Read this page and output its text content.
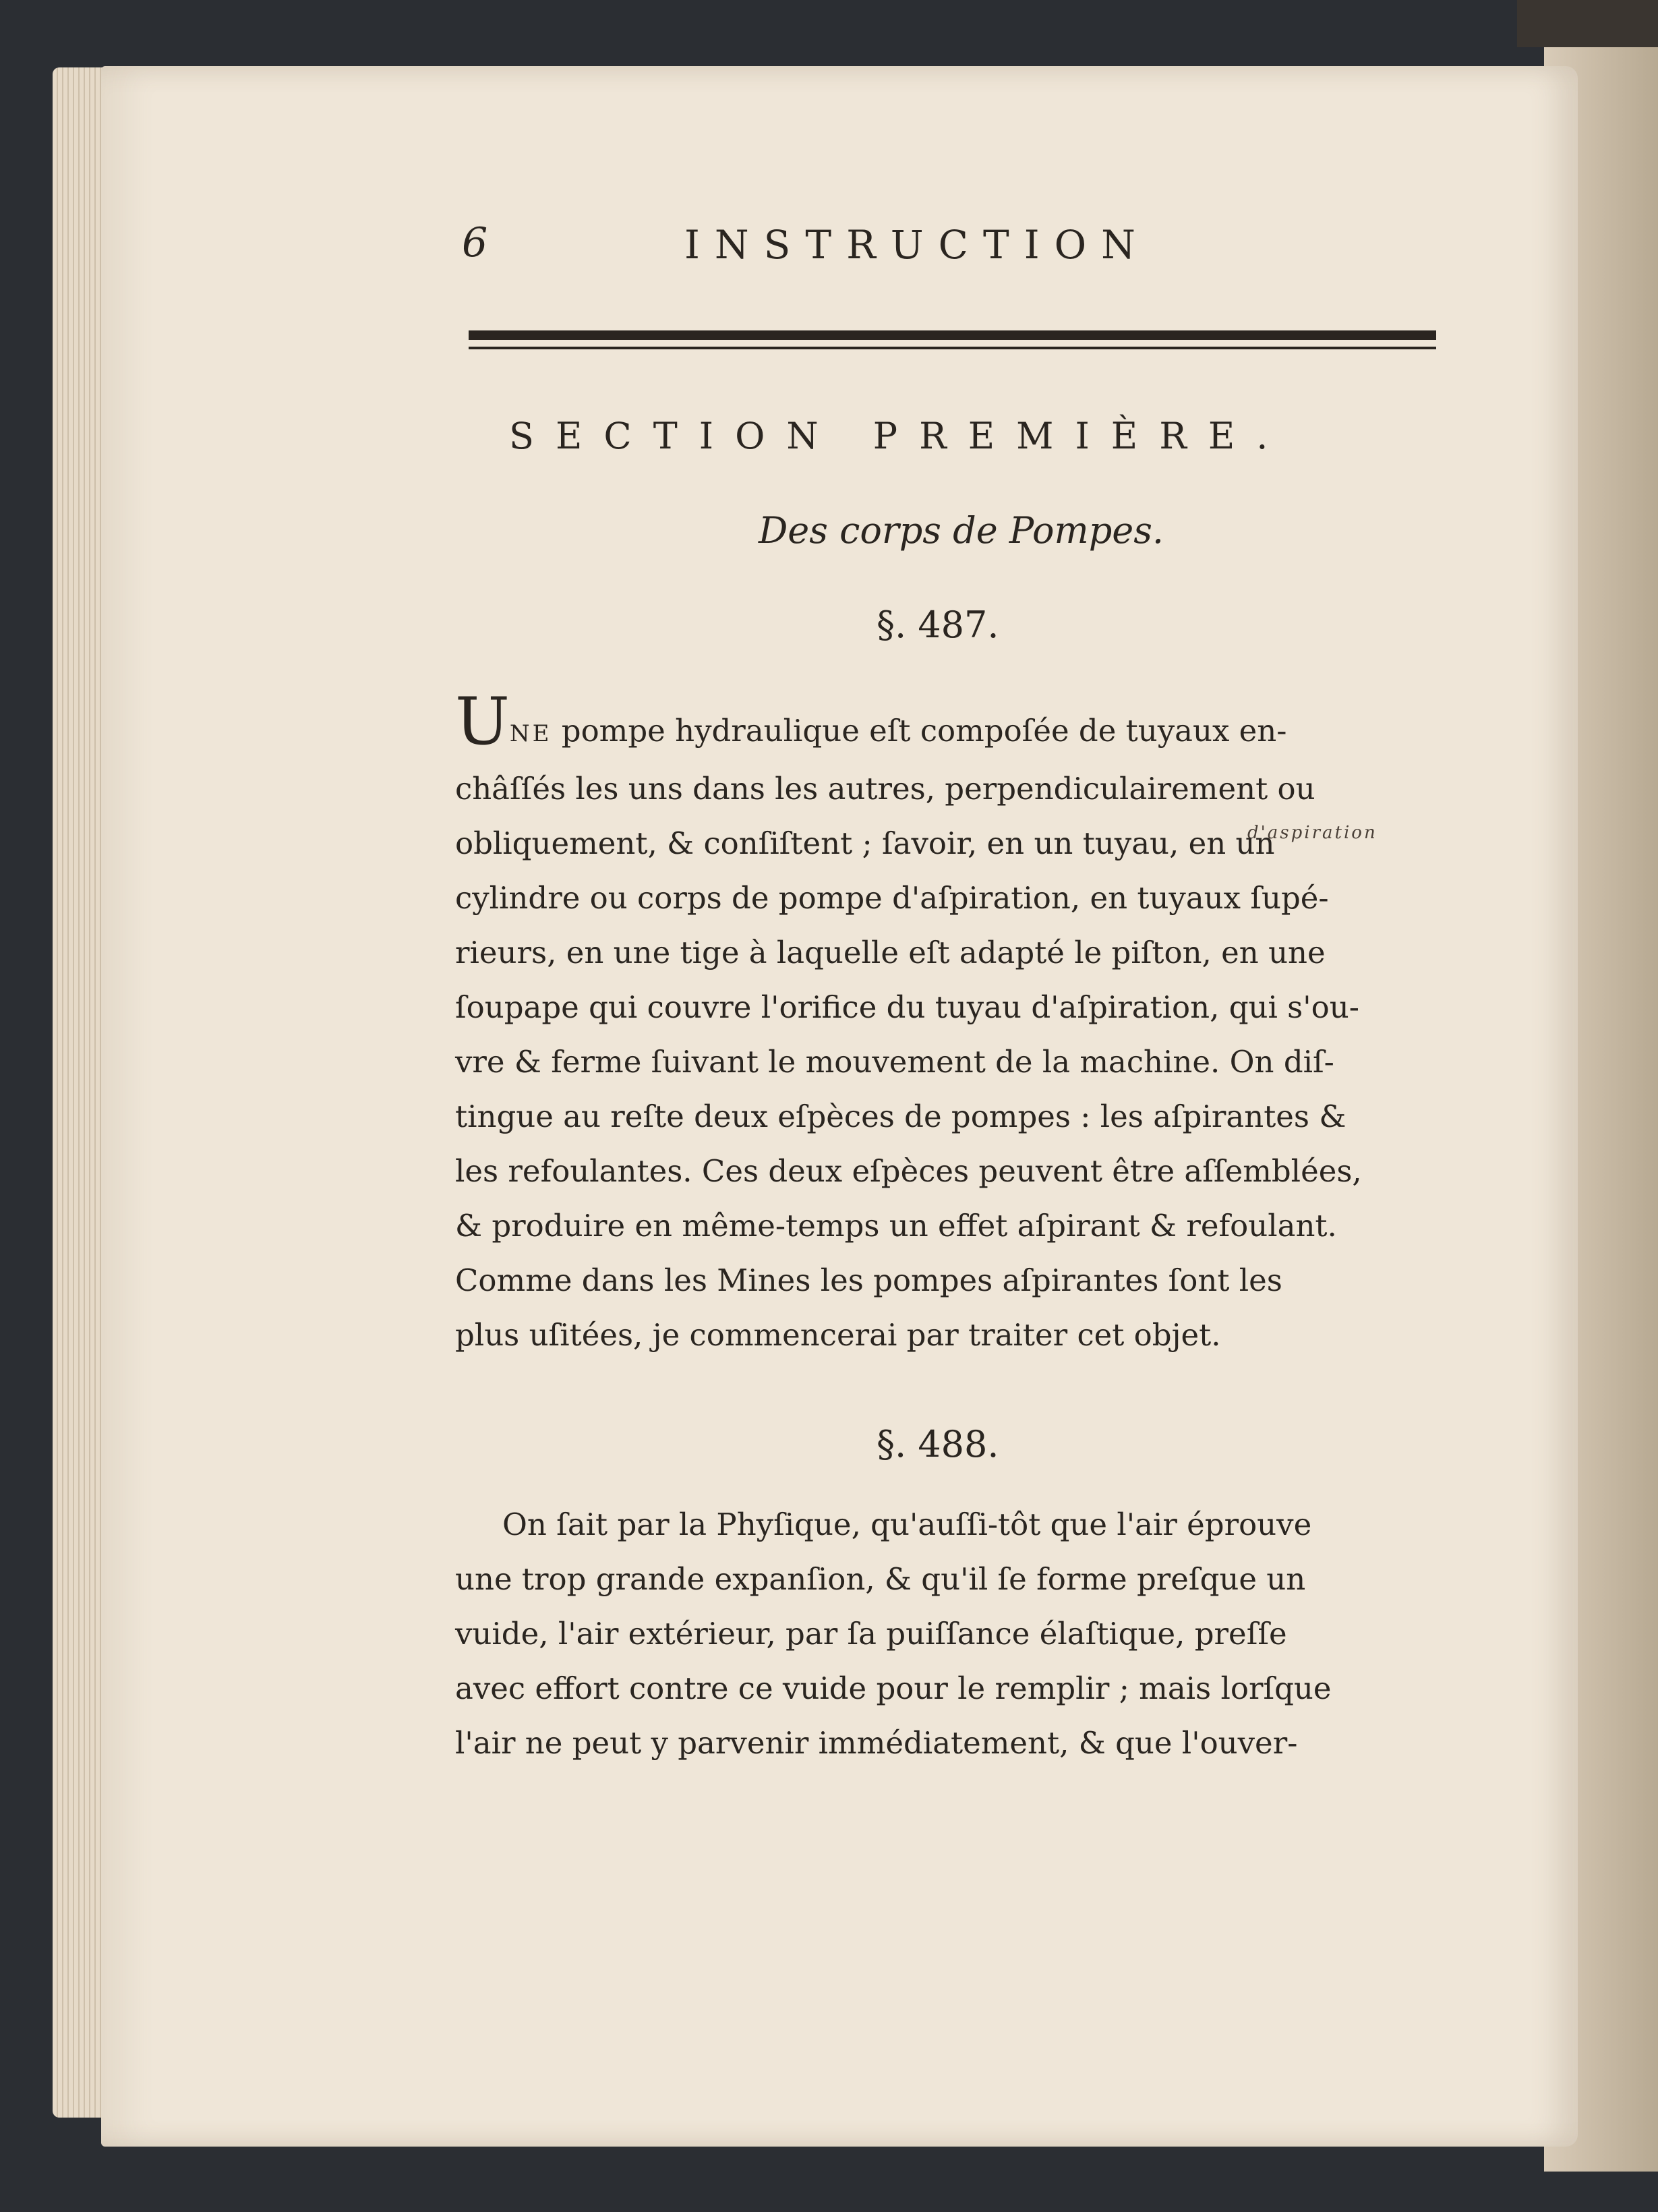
6	INSTRUCTION
SECTION PREMIÈRE.
Des corps de Pompes.
§. 487.
d'aspiration
UNE pompe hydraulique eſt compoſée de tuyaux en-
châſſés les uns dans les autres, perpendiculairement ou
obliquement, & conſiſtent ; ſavoir, en un tuyau, en un
cylindre ou corps de pompe d'aſpiration, en tuyaux ſupé-
rieurs, en une tige à laquelle eſt adapté le piſton, en une
ſoupape qui couvre l'orifice du tuyau d'aſpiration, qui s'ou-
vre & ferme ſuivant le mouvement de la machine. On diſ-
tingue au reſte deux eſpèces de pompes : les aſpirantes &
les refoulantes. Ces deux eſpèces peuvent être aſſemblées,
& produire en même-temps un effet aſpirant & refoulant.
Comme dans les Mines les pompes aſpirantes ſont les
plus uſitées, je commencerai par traiter cet objet.
§. 488.
On ſait par la Phyſique, qu'auſſi-tôt que l'air éprouve
une trop grande expanſion, & qu'il ſe forme preſque un
vuide, l'air extérieur, par ſa puiſſance élaſtique, preſſe
avec effort contre ce vuide pour le remplir ; mais lorſque
l'air ne peut y parvenir immédiatement, & que l'ouver-
